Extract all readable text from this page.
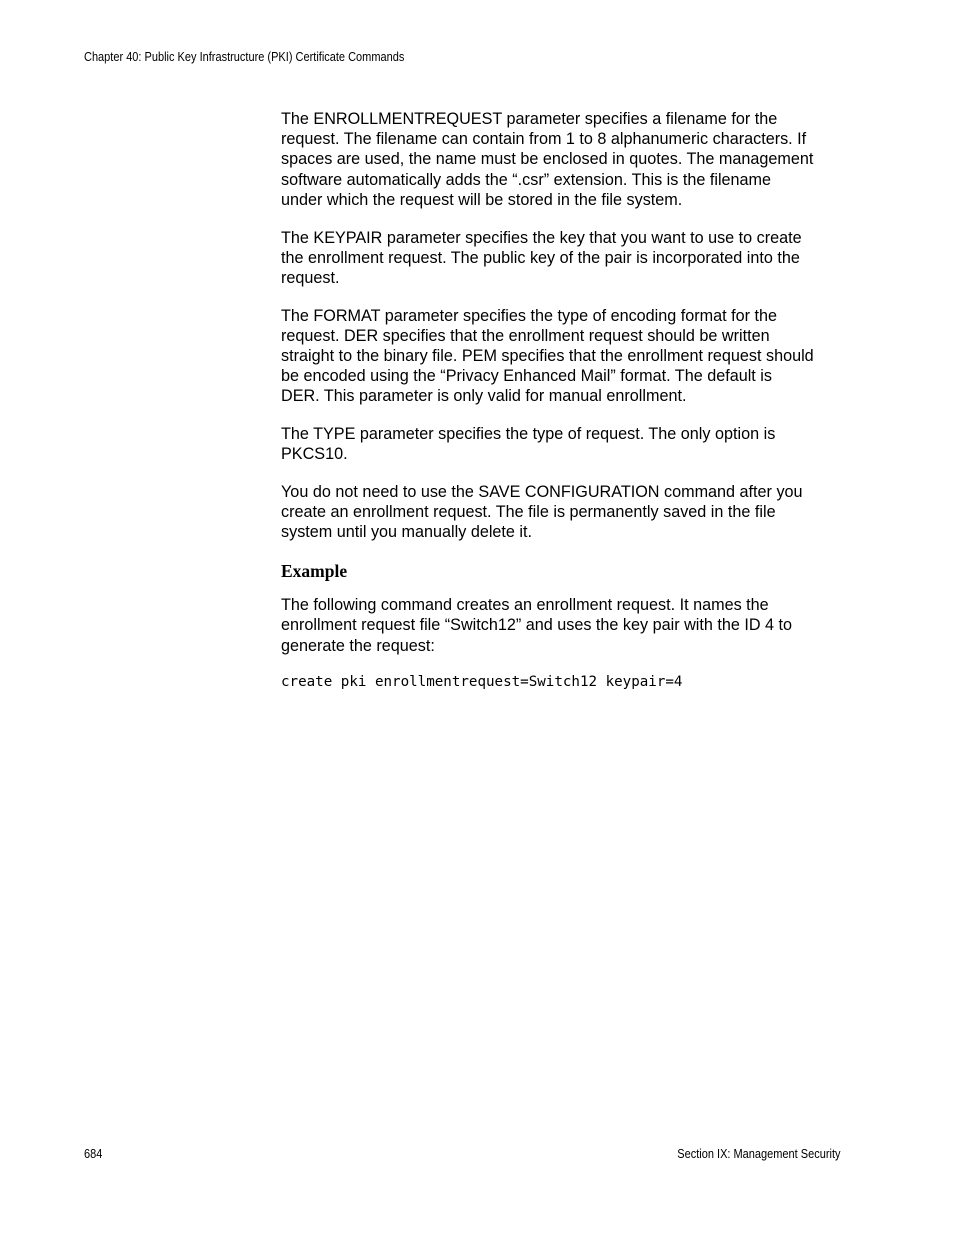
Chapter 40: Public Key Infrastructure (PKI) Certificate Commands

The ENROLLMENTREQUEST parameter specifies a filename for the
request. The filename can contain from 1 to 8 alphanumeric characters. If
spaces are used, the name must be enclosed in quotes. The management
software automatically adds the “.csr” extension. This is the filename
under which the request will be stored in the file system.

The KEYPAIR parameter specifies the key that you want to use to create
the enrollment request. The public key of the pair is incorporated into the
request.

The FORMAT parameter specifies the type of encoding format for the
request. DER specifies that the enrollment request should be written
straight to the binary file. PEM specifies that the enrollment request should
be encoded using the “Privacy Enhanced Mail” format. The default is
DER. This parameter is only valid for manual enrollment.

The TYPE parameter specifies the type of request. The only option is
PKCS10.

You do not need to use the SAVE CONFIGURATION command after you
create an enrollment request. The file is permanently saved in the file
system until you manually delete it.

Example

The following command creates an enrollment request. It names the
enrollment request file “Switch12” and uses the key pair with the ID 4 to
generate the request:

create pki enrollmentrequest=Switch12 keypair=4
684	Section IX: Management Security
